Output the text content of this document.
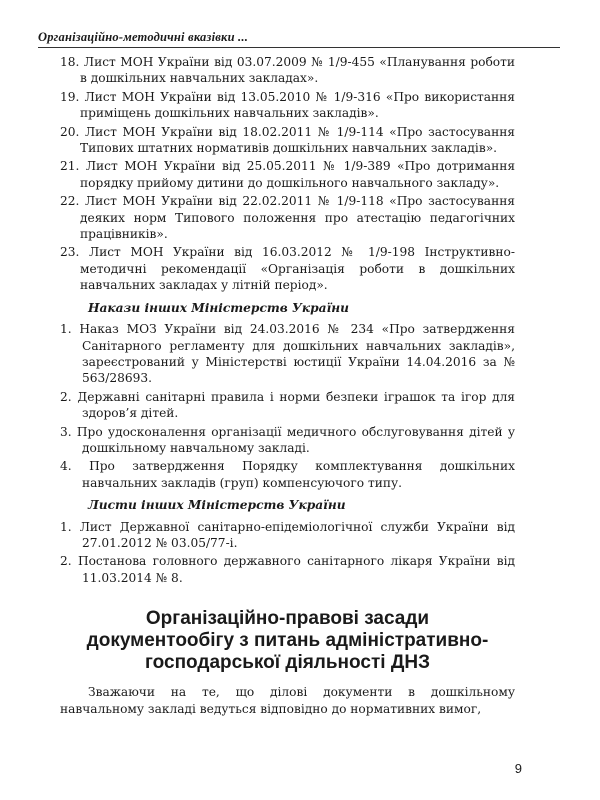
Організаційно-методичні вказівки ...
18. Лист МОН України від 03.07.2009 № 1/9-455 «Планування роботи в дошкільних навчальних закладах».
19. Лист МОН України від 13.05.2010 № 1/9-316 «Про використання приміщень дошкільних навчальних закладів».
20. Лист МОН України від 18.02.2011 № 1/9-114 «Про застосування Типових штатних нормативів дошкільних навчальних закладів».
21. Лист МОН України від 25.05.2011 № 1/9-389 «Про дотримання порядку прийому дитини до дошкільного навчального закладу».
22. Лист МОН України від 22.02.2011 № 1/9-118 «Про застосування деяких норм Типового положення про атестацію педагогічних працівників».
23. Лист МОН України від 16.03.2012 № 1/9-198 Інструктивно-методичні рекомендації «Організація роботи в дошкільних навчальних закладах у літній період».
Накази інших Міністерств України
1. Наказ МОЗ України від 24.03.2016 № 234 «Про затвердження Санітарного регламенту для дошкільних навчальних закладів», зареєстрований у Міністерстві юстиції України 14.04.2016 за № 563/28693.
2. Державні санітарні правила і норми безпеки іграшок та ігор для здоров’я дітей.
3. Про удосконалення організації медичного обслуговування дітей у дошкільному навчальному закладі.
4. Про затвердження Порядку комплектування дошкільних навчальних закладів (груп) компенсуючого типу.
Листи інших Міністерств України
1. Лист Державної санітарно-епідеміологічної служби України від 27.01.2012 № 03.05/77-і.
2. Постанова головного державного санітарного лікаря України від 11.03.2014 № 8.
Організаційно-правові засади
документообігу з питань адміністративно-
господарської діяльності ДНЗ

Зважаючи на те, що ділові документи в дошкільному навчальному закладі ведуться відповідно до нормативних вимог,

9
